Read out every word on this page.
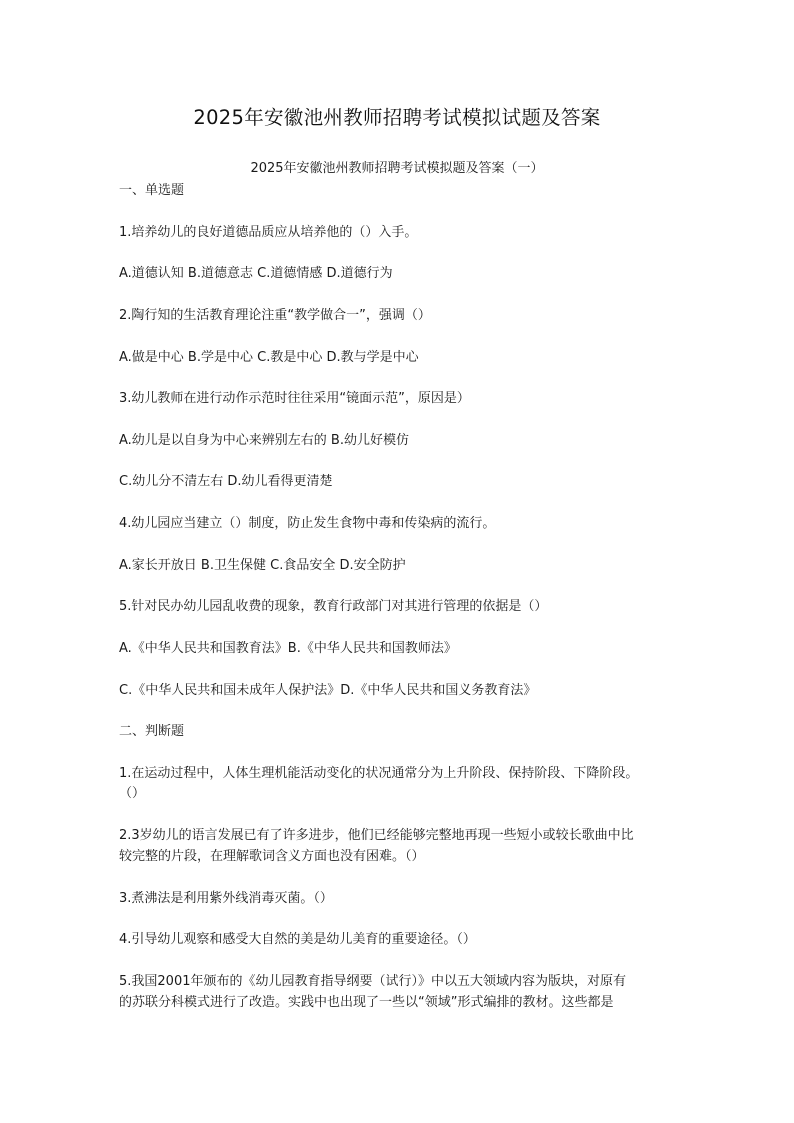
2025年安徽池州教师招聘考试模拟试题及答案
2025年安徽池州教师招聘考试模拟题及答案（一）
一、单选题
1.培养幼儿的良好道德品质应从培养他的（）入手。
A.道德认知 B.道德意志 C.道德情感 D.道德行为
2.陶行知的生活教育理论注重“教学做合一”，强调（）
A.做是中心 B.学是中心 C.教是中心 D.教与学是中心
3.幼儿教师在进行动作示范时往往采用“镜面示范”，原因是）
A.幼儿是以自身为中心来辨别左右的 B.幼儿好模仿
C.幼儿分不清左右 D.幼儿看得更清楚
4.幼儿园应当建立（）制度，防止发生食物中毒和传染病的流行。
A.家长开放日 B.卫生保健 C.食品安全 D.安全防护
5.针对民办幼儿园乱收费的现象，教育行政部门对其进行管理的依据是（）
A.《中华人民共和国教育法》B.《中华人民共和国教师法》
C.《中华人民共和国未成年人保护法》D.《中华人民共和国义务教育法》
二、判断题
1.在运动过程中，人体生理机能活动变化的状况通常分为上升阶段、保持阶段、下降阶段。
（）
2.3岁幼儿的语言发展已有了许多进步，他们已经能够完整地再现一些短小或较长歌曲中比
较完整的片段，在理解歌词含义方面也没有困难。（）
3.煮沸法是利用紫外线消毒灭菌。（）
4.引导幼儿观察和感受大自然的美是幼儿美育的重要途径。（）
5.我国2001年颁布的《幼儿园教育指导纲要（试行）》中以五大领域内容为版块，对原有
的苏联分科模式进行了改造。实践中也出现了一些以“领域”形式编排的教材。这些都是
